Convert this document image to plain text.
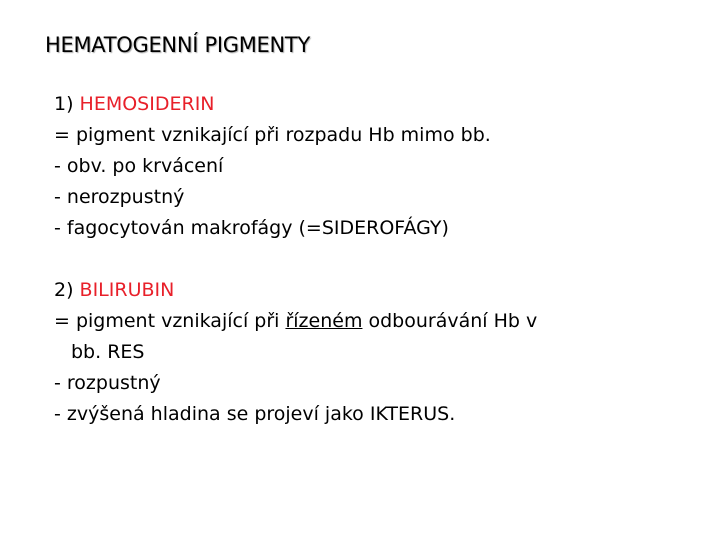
HEMATOGENNÍ PIGMENTY
1) HEMOSIDERIN
= pigment vznikající při rozpadu Hb mimo bb.
- obv. po krvácení
- nerozpustný
- fagocytován makrofágy (=SIDEROFÁGY)
2) BILIRUBIN
= pigment vznikající při řízeném odbourávání Hb v
bb. RES
- rozpustný
- zvýšená hladina se projeví jako IKTERUS.
